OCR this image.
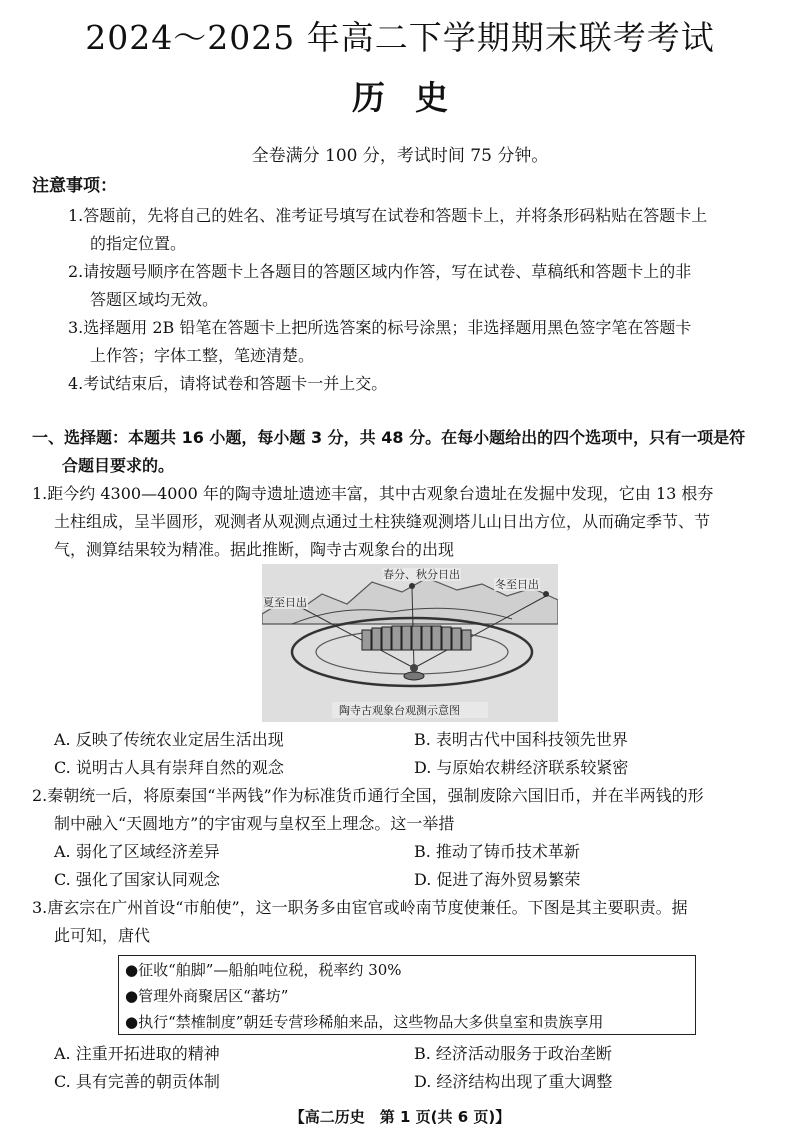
2024～2025 年高二下学期期末联考考试
历史
全卷满分 100 分，考试时间 75 分钟。
注意事项：
1.答题前，先将自己的姓名、准考证号填写在试卷和答题卡上，并将条形码粘贴在答题卡上
的指定位置。
2.请按题号顺序在答题卡上各题目的答题区域内作答，写在试卷、草稿纸和答题卡上的非
答题区域均无效。
3.选择题用 2B 铅笔在答题卡上把所选答案的标号涂黑；非选择题用黑色签字笔在答题卡
上作答；字体工整，笔迹清楚。
4.考试结束后，请将试卷和答题卡一并上交。
一、选择题：本题共 16 小题，每小题 3 分，共 48 分。在每小题给出的四个选项中，只有一项是符
合题目要求的。
1.距今约 4300—4000 年的陶寺遗址遗迹丰富，其中古观象台遗址在发掘中发现，它由 13 根夯
土柱组成，呈半圆形，观测者从观测点通过土柱狭缝观测塔儿山日出方位，从而确定季节、节
气，测算结果较为精准。据此推断，陶寺古观象台的出现
春分、秋分日出
冬至日出
夏至日出
陶寺古观象台观测示意图
A. 反映了传统农业定居生活出现	B. 表明古代中国科技领先世界
C. 说明古人具有崇拜自然的观念	D. 与原始农耕经济联系较紧密
2.秦朝统一后，将原秦国“半两钱”作为标准货币通行全国，强制废除六国旧币，并在半两钱的形
制中融入“天圆地方”的宇宙观与皇权至上理念。这一举措
A. 弱化了区域经济差异	B. 推动了铸币技术革新
C. 强化了国家认同观念	D. 促进了海外贸易繁荣
3.唐玄宗在广州首设“市舶使”，这一职务多由宦官或岭南节度使兼任。下图是其主要职责。据
此可知，唐代
●征收“舶脚”—船舶吨位税，税率约 30%
●管理外商聚居区“蕃坊”
●执行“禁榷制度”朝廷专营珍稀舶来品，这些物品大多供皇室和贵族享用
A. 注重开拓进取的精神	B. 经济活动服务于政治垄断
C. 具有完善的朝贡体制	D. 经济结构出现了重大调整
【高二历史　第 1 页(共 6 页)】
